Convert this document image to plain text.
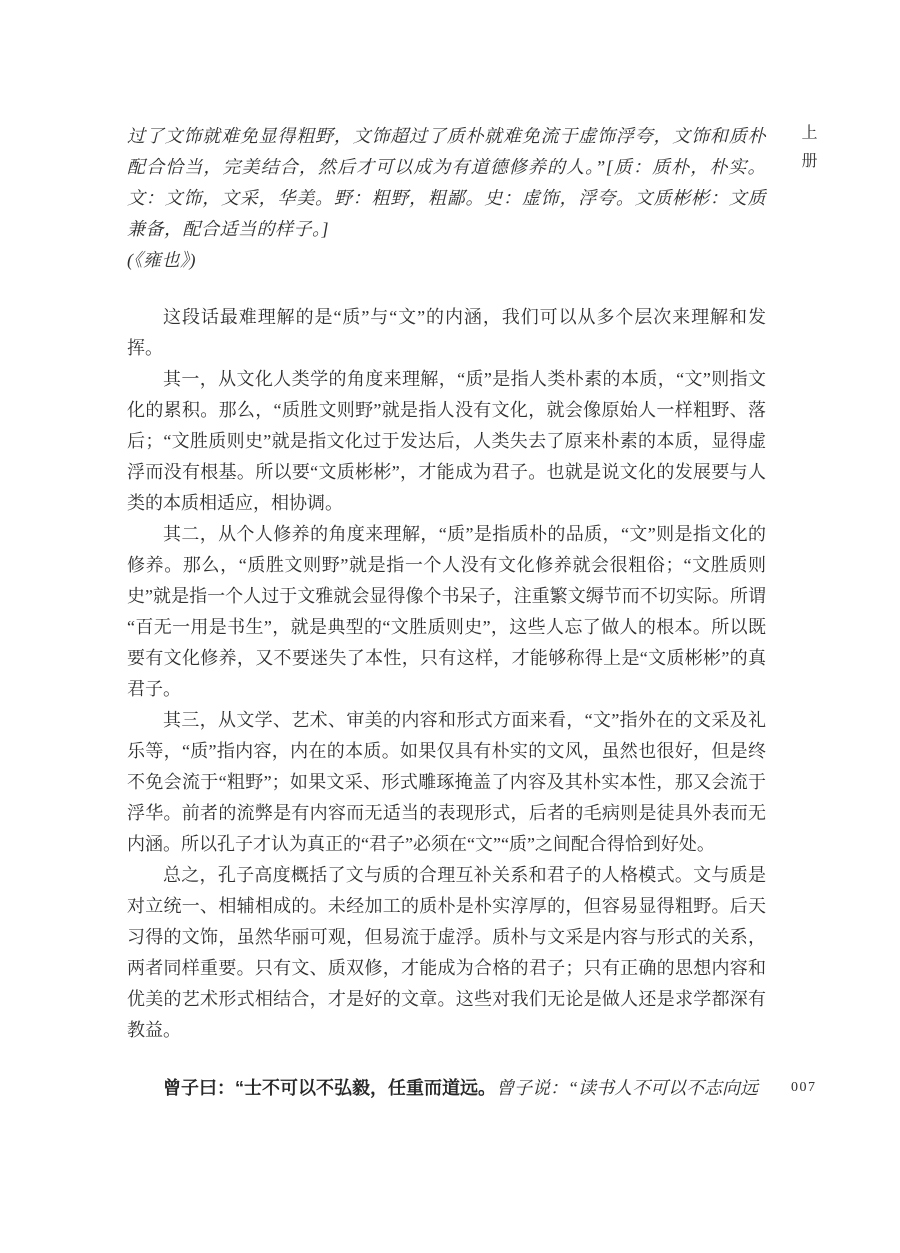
过了文饰就难免显得粗野，文饰超过了质朴就难免流于虚饰浮夸，文饰和质朴配合恰当，完美结合，然后才可以成为有道德修养的人。”[质：质朴，朴实。文：文饰，文采，华美。野：粗野，粗鄙。史：虚饰，浮夸。文质彬彬：文质兼备，配合适当的样子。]

(《雍也》)

这段话最难理解的是“质”与“文”的内涵，我们可以从多个层次来理解和发挥。

其一，从文化人类学的角度来理解，“质”是指人类朴素的本质，“文”则指文化的累积。那么，“质胜文则野”就是指人没有文化，就会像原始人一样粗野、落后；“文胜质则史”就是指文化过于发达后，人类失去了原来朴素的本质，显得虚浮而没有根基。所以要“文质彬彬”，才能成为君子。也就是说文化的发展要与人类的本质相适应，相协调。

其二，从个人修养的角度来理解，“质”是指质朴的品质，“文”则是指文化的修养。那么，“质胜文则野”就是指一个人没有文化修养就会很粗俗；“文胜质则史”就是指一个人过于文雅就会显得像个书呆子，注重繁文缛节而不切实际。所谓“百无一用是书生”，就是典型的“文胜质则史”，这些人忘了做人的根本。所以既要有文化修养，又不要迷失了本性，只有这样，才能够称得上是“文质彬彬”的真君子。

其三，从文学、艺术、审美的内容和形式方面来看，“文”指外在的文采及礼乐等，“质”指内容，内在的本质。如果仅具有朴实的文风，虽然也很好，但是终不免会流于“粗野”；如果文采、形式雕琢掩盖了内容及其朴实本性，那又会流于浮华。前者的流弊是有内容而无适当的表现形式，后者的毛病则是徒具外表而无内涵。所以孔子才认为真正的“君子”必须在“文”“质”之间配合得恰到好处。

总之，孔子高度概括了文与质的合理互补关系和君子的人格模式。文与质是对立统一、相辅相成的。未经加工的质朴是朴实淳厚的，但容易显得粗野。后天习得的文饰，虽然华丽可观，但易流于虚浮。质朴与文采是内容与形式的关系，两者同样重要。只有文、质双修，才能成为合格的君子；只有正确的思想内容和优美的艺术形式相结合，才是好的文章。这些对我们无论是做人还是求学都深有教益。

曾子曰：“士不可以不弘毅，任重而道远。曾子说：“读书人不可以不志向远

上册
007
